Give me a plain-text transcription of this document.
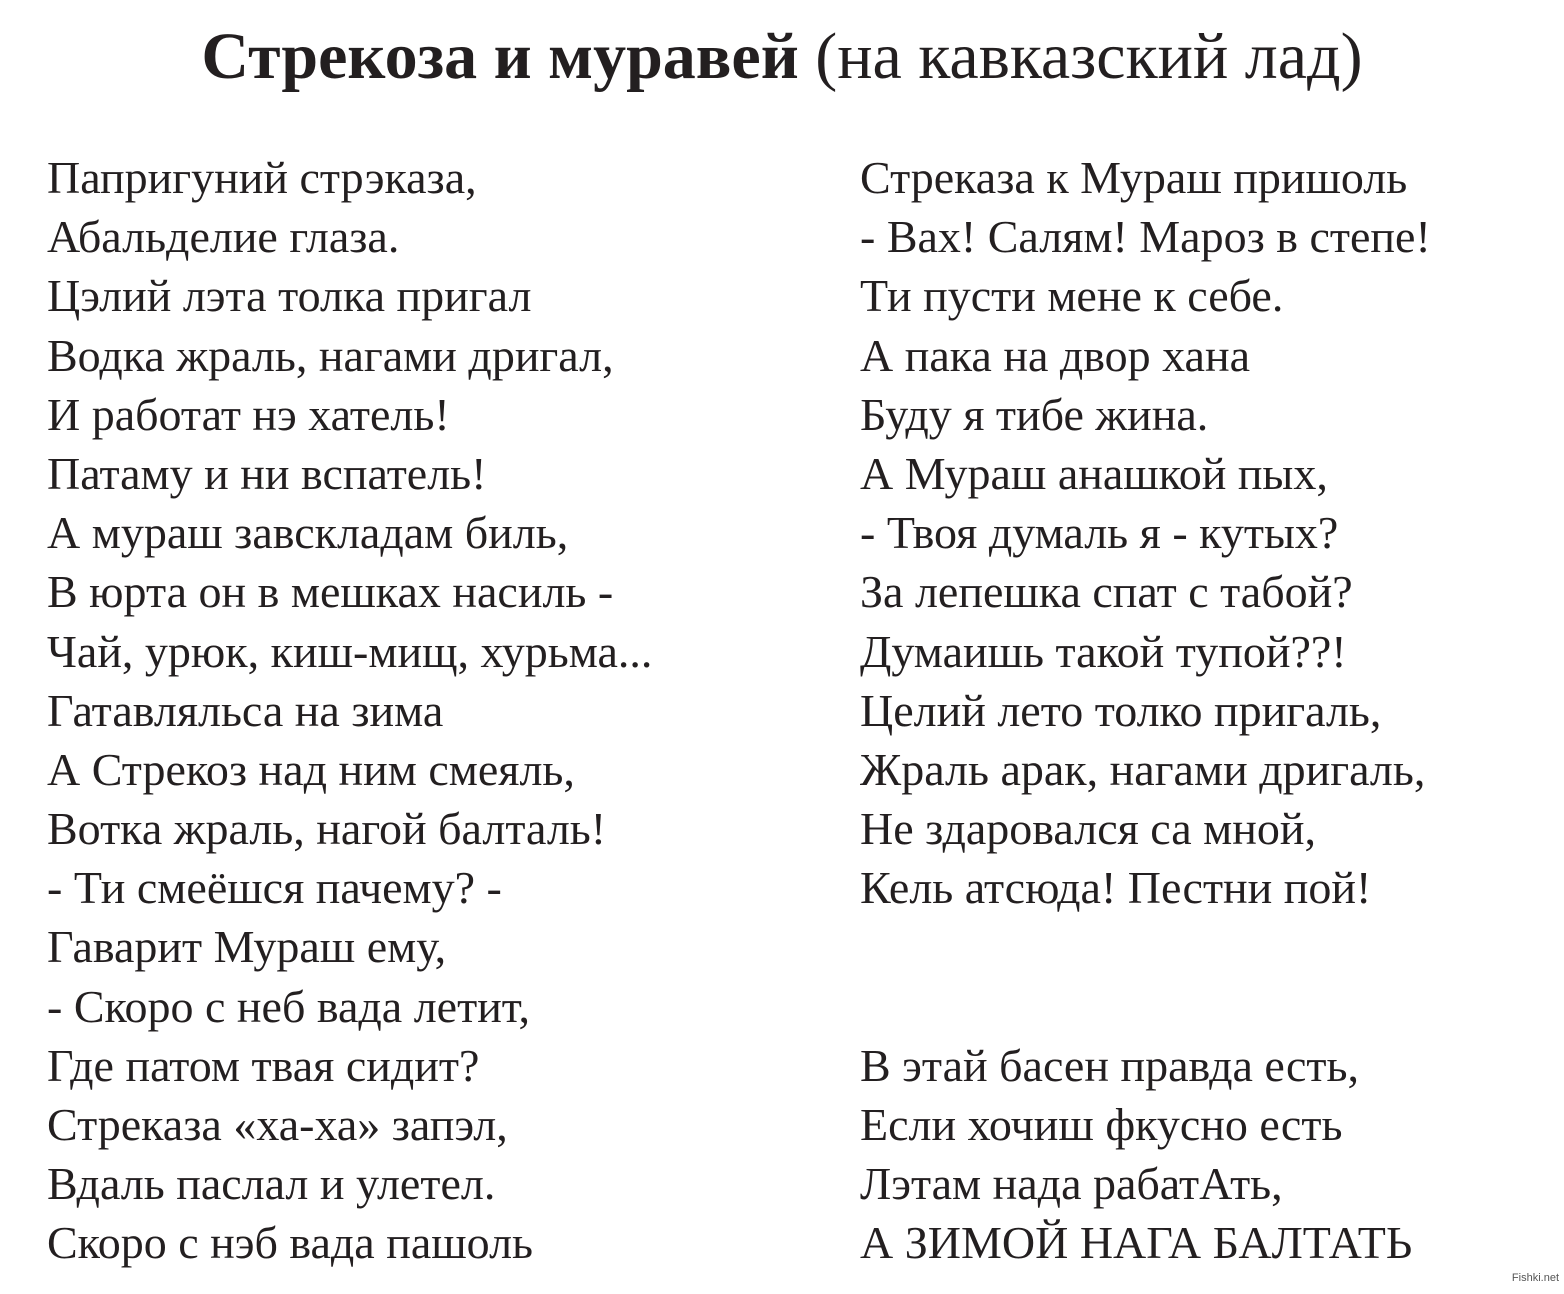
Стрекоза и муравей (на кавказский лад)
Папригуний стрэказа,
Абальделие глаза.
Цэлий лэта толка пригал
Водка жраль, нагами дригал,
И работат нэ хатель!
Патаму и ни вспатель!
А мураш завскладам биль,
В юрта он в мешках насиль -
Чай, урюк, киш-мищ, хурьма...
Гатавляльса на зима
А Стрекоз над ним смеяль,
Вотка жраль, нагой балталь!
- Ти смеёшся пачему? -
Гаварит Мураш ему,
- Скоро с неб вада летит,
Где патом твая сидит?
Стреказа «ха-ха» запэл,
Вдаль паслал и улетел.
Скоро с нэб вада пашоль
Стреказа к Мураш пришоль
- Вах! Салям! Мароз в степе!
Ти пусти мене к себе.
А пака на двор хана
Буду я тибе жина.
А Мураш анашкой пых,
- Твоя думаль я - кутых?
За лепешка спат с табой?
Думаишь такой тупой??!
Целий лето толко пригаль,
Жраль арак, нагами дригаль,
Не здаровался са мной,
Кель атсюда! Пестни пой!
В этай басен правда есть,
Если хочиш фкусно есть
Лэтам нада рабатАть,
А ЗИМОЙ НАГА БАЛТАТЬ
Fishki.net
